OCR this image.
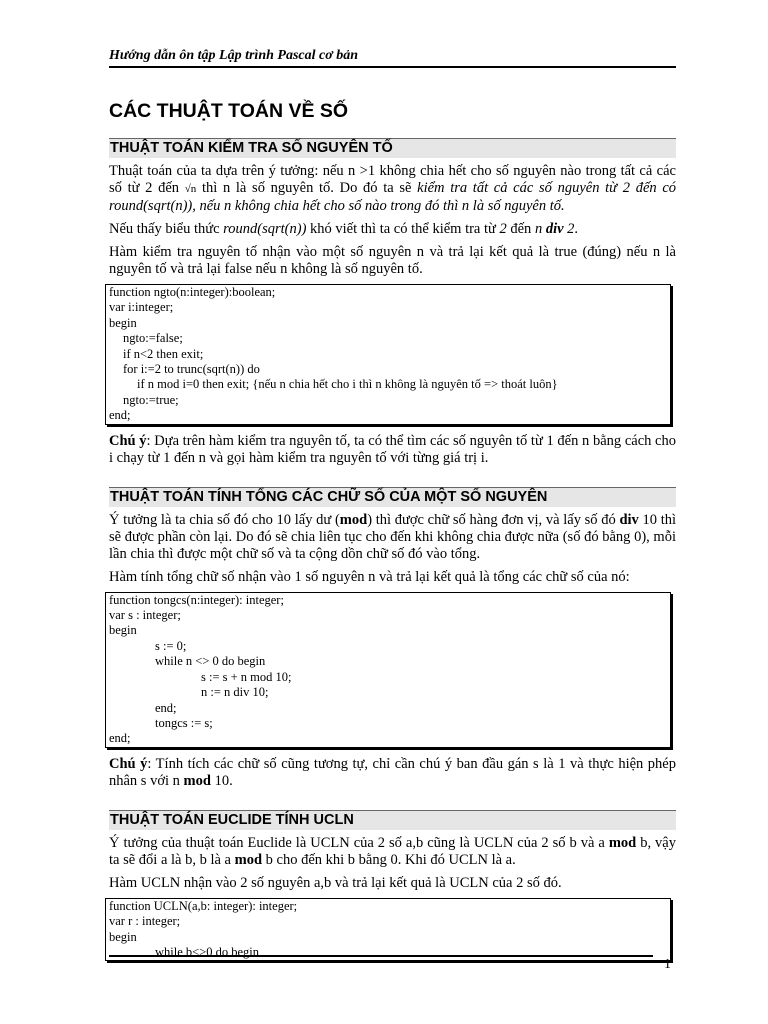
Hướng dẫn ôn tập Lập trình Pascal cơ bản
CÁC THUẬT TOÁN VỀ SỐ
THUẬT TOÁN KIỂM TRA SỐ NGUYÊN TỐ

Thuật toán của ta dựa trên ý tưởng: nếu n >1 không chia hết cho số nguyên nào trong tất cả các số từ 2 đến √n thì n là số nguyên tố. Do đó ta sẽ kiểm tra tất cả các số nguyên từ 2 đến có round(sqrt(n)), nếu n không chia hết cho số nào trong đó thì n là số nguyên tố.

Nếu thấy biểu thức round(sqrt(n)) khó viết thì ta có thể kiểm tra từ 2 đến n div 2.

Hàm kiểm tra nguyên tố nhận vào một số nguyên n và trả lại kết quả là true (đúng) nếu n là nguyên tố và trả lại false nếu n không là số nguyên tố.

function ngto(n:integer):boolean;
var i:integer;
begin
ngto:=false;
if n<2 then exit;
for i:=2 to trunc(sqrt(n)) do
if n mod i=0 then exit; {nếu n chia hết cho i thì n không là nguyên tố => thoát luôn}
ngto:=true;
end;

Chú ý: Dựa trên hàm kiểm tra nguyên tố, ta có thể tìm các số nguyên tố từ 1 đến n bằng cách cho i chạy từ 1 đến n và gọi hàm kiểm tra nguyên tố với từng giá trị i.

THUẬT TOÁN TÍNH TỔNG CÁC CHỮ SỐ CỦA MỘT SỐ NGUYÊN

Ý tưởng là ta chia số đó cho 10 lấy dư (mod) thì được chữ số hàng đơn vị, và lấy số đó div 10 thì sẽ được phần còn lại. Do đó sẽ chia liên tục cho đến khi không chia được nữa (số đó bằng 0), mỗi lần chia thì được một chữ số và ta cộng dồn chữ số đó vào tổng.

Hàm tính tổng chữ số nhận vào 1 số nguyên n và trả lại kết quả là tổng các chữ số của nó:

function tongcs(n:integer): integer;
var s : integer;
begin
s := 0;
while n <> 0 do begin
s := s + n mod 10;
n := n div 10;
end;
tongcs := s;
end;

Chú ý: Tính tích các chữ số cũng tương tự, chỉ cần chú ý ban đầu gán s là 1 và thực hiện phép nhân s với n mod 10.

THUẬT TOÁN EUCLIDE TÍNH UCLN

Ý tưởng của thuật toán Euclide là UCLN của 2 số a,b cũng là UCLN của 2 số b và a mod b, vậy ta sẽ đổi a là b, b là a mod b cho đến khi b bằng 0. Khi đó UCLN là a.

Hàm UCLN nhận vào 2 số nguyên a,b và trả lại kết quả là UCLN của 2 số đó.

function UCLN(a,b: integer): integer;
var r : integer;
begin
while b<>0 do begin
1
